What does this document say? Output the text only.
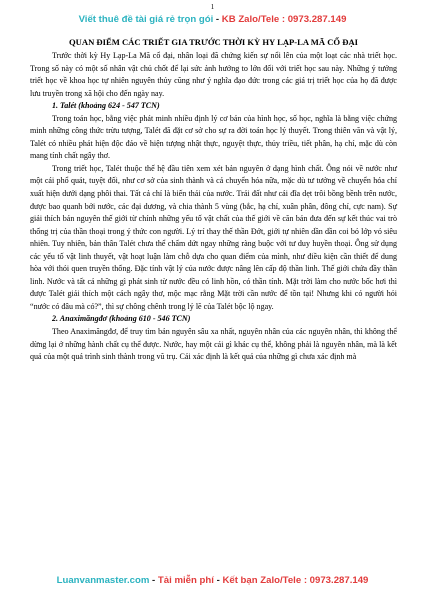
1
Viết thuê đề tài giá rẻ trọn gói - KB Zalo/Tele : 0973.287.149
QUAN ĐIỂM CÁC TRIẾT GIA TRƯỚC THỜI KỲ HY LẠP-LA MÃ CỔ ĐẠI

Trước thời kỳ Hy Lạp-La Mã cổ đại, nhân loại đã chứng kiến sự nổi lên của một loạt các nhà triết học. Trong số này có một số nhân vật chủ chốt để lại sức ảnh hưởng to lớn đối với triết học sau này. Những ý tưởng triết học về khoa học tự nhiên nguyên thủy cũng như ý nghĩa đạo đức trong các giá trị triết học của họ đã được lưu truyền trong xã hội cho đến ngày nay.

1. Talét (khoảng 624 - 547 TCN)

Trong toán học, bằng việc phát minh nhiều định lý cơ bản của hình học, số học, nghĩa là bằng việc chứng minh những công thức trừu tượng, Talét đã đặt cơ sở cho sự ra đời toán học lý thuyết. Trong thiên văn và vật lý, Talét có nhiều phát hiện độc đáo về hiện tượng nhật thực, nguyệt thực, thủy triều, tiết phân, hạ chí, mặc dù còn mang tính chất ngây thơ.

Trong triết học, Talét thuộc thế hệ đầu tiên xem xét bản nguyên ở dạng hình chất. Ông nói về nước như một cái phổ quát, tuyệt đối, như cơ sở của sinh thành và cả chuyển hóa nữa, mặc dù tư tưởng về chuyển hóa chỉ xuất hiện dưới dạng phôi thai. Tất cả chỉ là biến thái của nước. Trái đất như cái đĩa dẹt trôi bồng bềnh trên nước, được bao quanh bởi nước, các đại dương, và chia thành 5 vùng (bắc, hạ chí, xuân phân, đông chí, cực nam). Sự giải thích bản nguyên thế giới từ chính những yếu tố vật chất của thế giới về căn bản đưa đến sự kết thúc vai trò thống trị của thần thoại trong ý thức con người. Lý trí thay thế thần Đớt, giới tự nhiên dần dần coi bỏ lớp vỏ siêu nhiên. Tuy nhiên, bản thân Talét chưa thể chấm dứt ngay những ràng buộc với tư duy huyền thoại. Ông sử dụng các yếu tố vật linh thuyết, vật hoạt luận làm chỗ dựa cho quan điểm của mình, như điều kiện cần thiết để dung hòa với thói quen truyền thống. Đặc tính vật lý của nước được nâng lên cấp độ thần linh. Thế giới chứa đầy thần linh. Nước và tất cả những gì phát sinh từ nước đều có linh hồn, có thần tính. Mặt trời làm cho nước bốc hơi thì được Talét giải thích một cách ngây thơ, mộc mạc rằng Mặt trời cần nước để tồn tại! Nhưng khi có người hỏi “nước có đâu mà có?”, thì sự chông chênh trong lý lẽ của Talét bộc lộ ngay.

2. Anaximăngđơ (khoảng 610 - 546 TCN)

Theo Anaximăngđơ, để truy tìm bản nguyên sâu xa nhất, nguyên nhân của các nguyên nhân, thì không thể dừng lại ở những hành chất cụ thể được. Nước, hay một cái gì khác cụ thể, không phải là nguyên nhân, mà là kết quả của một quá trình sinh thành trong vũ trụ. Cái xác định là kết quả của những gì chưa xác định mà

Luanvanmaster.com - Tải miễn phí - Kết bạn Zalo/Tele : 0973.287.149
